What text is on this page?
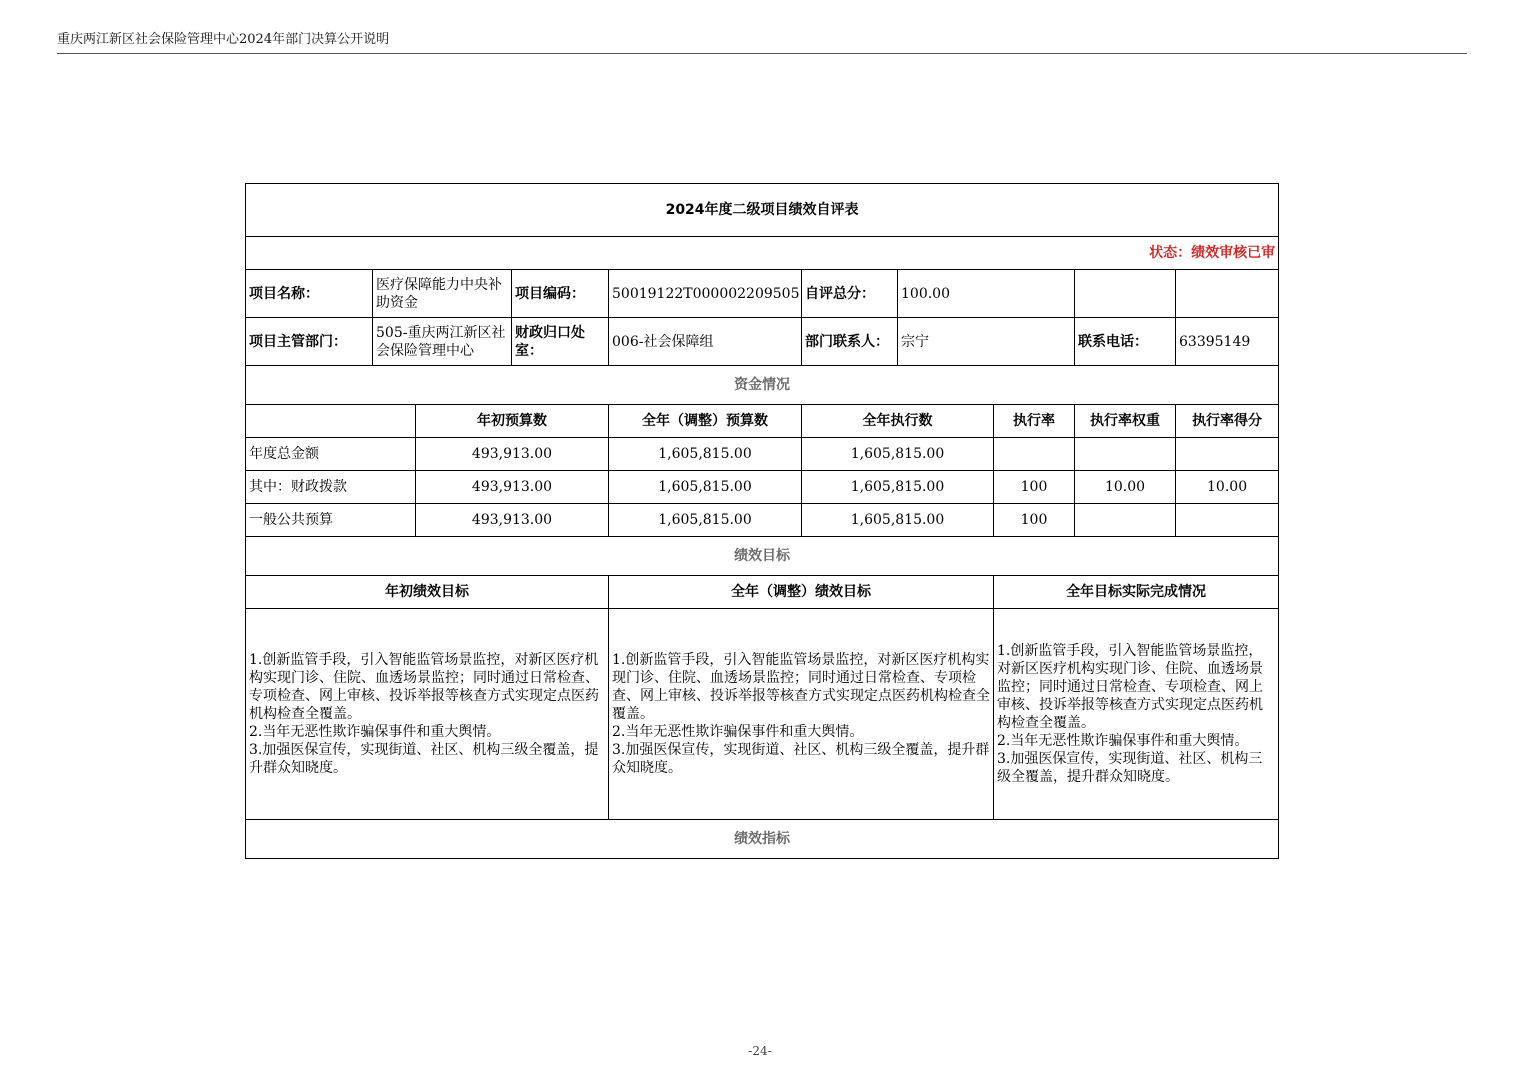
重庆两江新区社会保险管理中心2024年部门决算公开说明
2024年度二级项目绩效自评表									
状态：绩效审核已审									
项目名称：	医疗保障能力中央补助资金		项目编码：	50019122T000002209505	自评总分：	100.00			
项目主管部门：	505-重庆两江新区社会保险管理中心		财政归口处室：	006-社会保障组	部门联系人：	宗宁		联系电话：	63395149
资金情况									
		年初预算数		全年（调整）预算数	全年执行数		执行率	执行率权重	执行率得分
年度总金额		493,913.00		1,605,815.00	1,605,815.00				
其中：财政拨款		493,913.00		1,605,815.00	1,605,815.00		100	10.00	10.00
一般公共预算		493,913.00		1,605,815.00	1,605,815.00		100		
绩效目标									
年初绩效目标				全年（调整）绩效目标			全年目标实际完成情况		

1.创新监管手段，引入智能监管场景监控，对新区医疗机构实现门诊、住院、血透场景监控；同时通过日常检查、专项检查、网上审核、投诉举报等核查方式实现定点医药机构检查全覆盖。
2.当年无恶性欺诈骗保事件和重大舆情。
3.加强医保宣传，实现街道、社区、机构三级全覆盖，提升群众知晓度。				1.创新监管手段，引入智能监管场景监控，对新区医疗机构实现门诊、住院、血透场景监控；同时通过日常检查、专项检查、网上审核、投诉举报等核查方式实现定点医药机构检查全覆盖。
2.当年无恶性欺诈骗保事件和重大舆情。
3.加强医保宣传，实现街道、社区、机构三级全覆盖，提升群众知晓度。			1.创新监管手段，引入智能监管场景监控，对新区医疗机构实现门诊、住院、血透场景监控；同时通过日常检查、专项检查、网上审核、投诉举报等核查方式实现定点医药机构检查全覆盖。
2.当年无恶性欺诈骗保事件和重大舆情。
3.加强医保宣传，实现街道、社区、机构三级全覆盖，提升群众知晓度。		

绩效指标									
-24-
